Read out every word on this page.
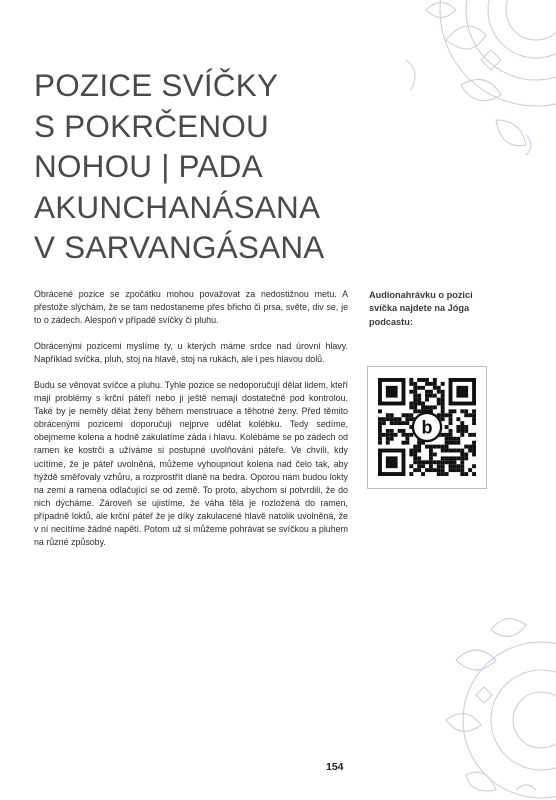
POZICE SVÍČKY
S POKRČENOU
NOHOU | PADA
AKUNCHANÁSANA
V SARVANGÁSANA

Obrácené pozice se zpočátku mohou považovat za nedostižnou metu. A přestože slýchám, že se tam nedostaneme přes břicho či prsa, světe, div se, je to o zádech. Alespoň v případě svíčky či pluhu.

Obrácenými pozicemi myslíme ty, u kterých máme srdce nad úrovní hlavy. Například svíčka, pluh, stoj na hlavě, stoj na rukách, ale i pes hlavou dolů.

Budu se věnovat svíčce a pluhu. Tyhle pozice se nedoporučují dělat lidem, kteří mají problémy s krční páteří nebo ji ještě nemají dostatečně pod kontrolou. Také by je neměly dělat ženy během menstruace a těhotné ženy. Před těmito obrácenými pozicemi doporučuji nejprve udělat kolébku. Tedy sedíme, obejmeme kolena a hodně zakulatíme záda i hlavu. Kolébáme se po zádech od ramen ke kostrči a užíváme si postupné uvolňování páteře. Ve chvíli, kdy ucítíme, že je páteř uvolněná, můžeme vyhoupnout kolena nad čelo tak, aby hýždě směřovaly vzhůru, a rozprostřít dlaně na bedra. Oporou nám budou lokty na zemi a ramena odlačující se od země. To proto, abychom si potvrdili, že do nich dýcháme. Zároveň se ujistíme, že váha těla je rozložená do ramen, případně loktů, ale krční páteř že je díky zakulacené hlavě natolik uvolněná, že v ní necítíme žádné napětí. Potom už si můžeme pohrávat se svíčkou a pluhem na různé způsoby.

Audionahrávku o pozici svíčka najdete na Jóga podcastu:
b
154
